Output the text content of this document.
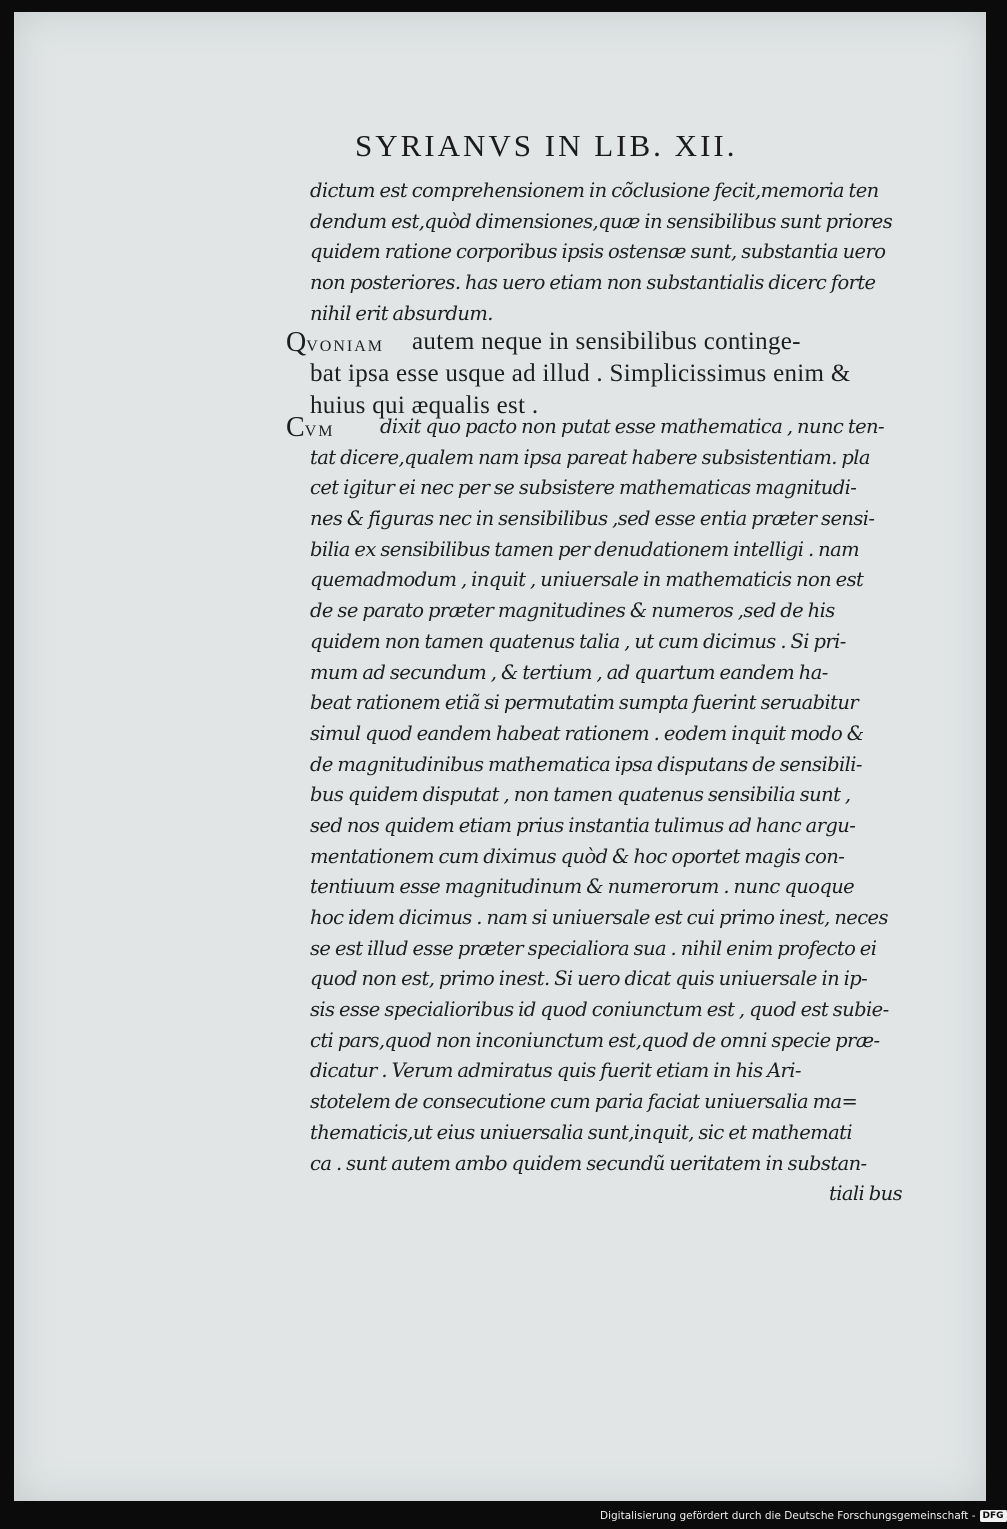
SYRIANVS IN LIB. XII.
dictum est comprehensionem in cõclusione fecit,memoria ten
dendum est,quòd dimensiones,quæ in sensibilibus sunt priores
quidem ratione corporibus ipsis ostensæ sunt, substantia uero
non posteriores. has uero etiam non substantialis dicerc forte
nihil erit absurdum.
QVONIAM autem neque in sensibilibus continge-
bat ipsa esse usque ad illud . Simplicissimus enim &
huius qui æqualis est .
CVM dixit quo pacto non putat esse mathematica , nunc ten-
tat dicere,qualem nam ipsa pareat habere subsistentiam. pla
cet igitur ei nec per se subsistere mathematicas magnitudi-
nes & figuras nec in sensibilibus ,sed esse entia præter sensi-
bilia ex sensibilibus tamen per denudationem intelligi . nam
quemadmodum , inquit , uniuersale in mathematicis non est
de se parato præter magnitudines & numeros ,sed de his
quidem non tamen quatenus talia , ut cum dicimus . Si pri-
mum ad secundum , & tertium , ad quartum eandem ha-
beat rationem etiã si permutatim sumpta fuerint seruabitur
simul quod eandem habeat rationem . eodem inquit modo &
de magnitudinibus mathematica ipsa disputans de sensibili-
bus quidem disputat , non tamen quatenus sensibilia sunt ,
sed nos quidem etiam prius instantia tulimus ad hanc argu-
mentationem cum diximus quòd & hoc oportet magis con-
tentiuum esse magnitudinum & numerorum . nunc quoque
hoc idem dicimus . nam si uniuersale est cui primo inest, neces
se est illud esse præter specialiora sua . nihil enim profecto ei
quod non est, primo inest. Si uero dicat quis uniuersale in ip-
sis esse specialioribus id quod coniunctum est , quod est subie-
cti pars,quod non inconiunctum est,quod de omni specie præ-
dicatur . Verum admiratus quis fuerit etiam in his Ari-
stotelem de consecutione cum paria faciat uniuersalia ma=
thematicis,ut eius uniuersalia sunt,inquit, sic et mathemati
ca . sunt autem ambo quidem secundũ ueritatem in substan-
tiali bus
Digitalisierung gefördert durch die Deutsche Forschungsgemeinschaft - DFG
